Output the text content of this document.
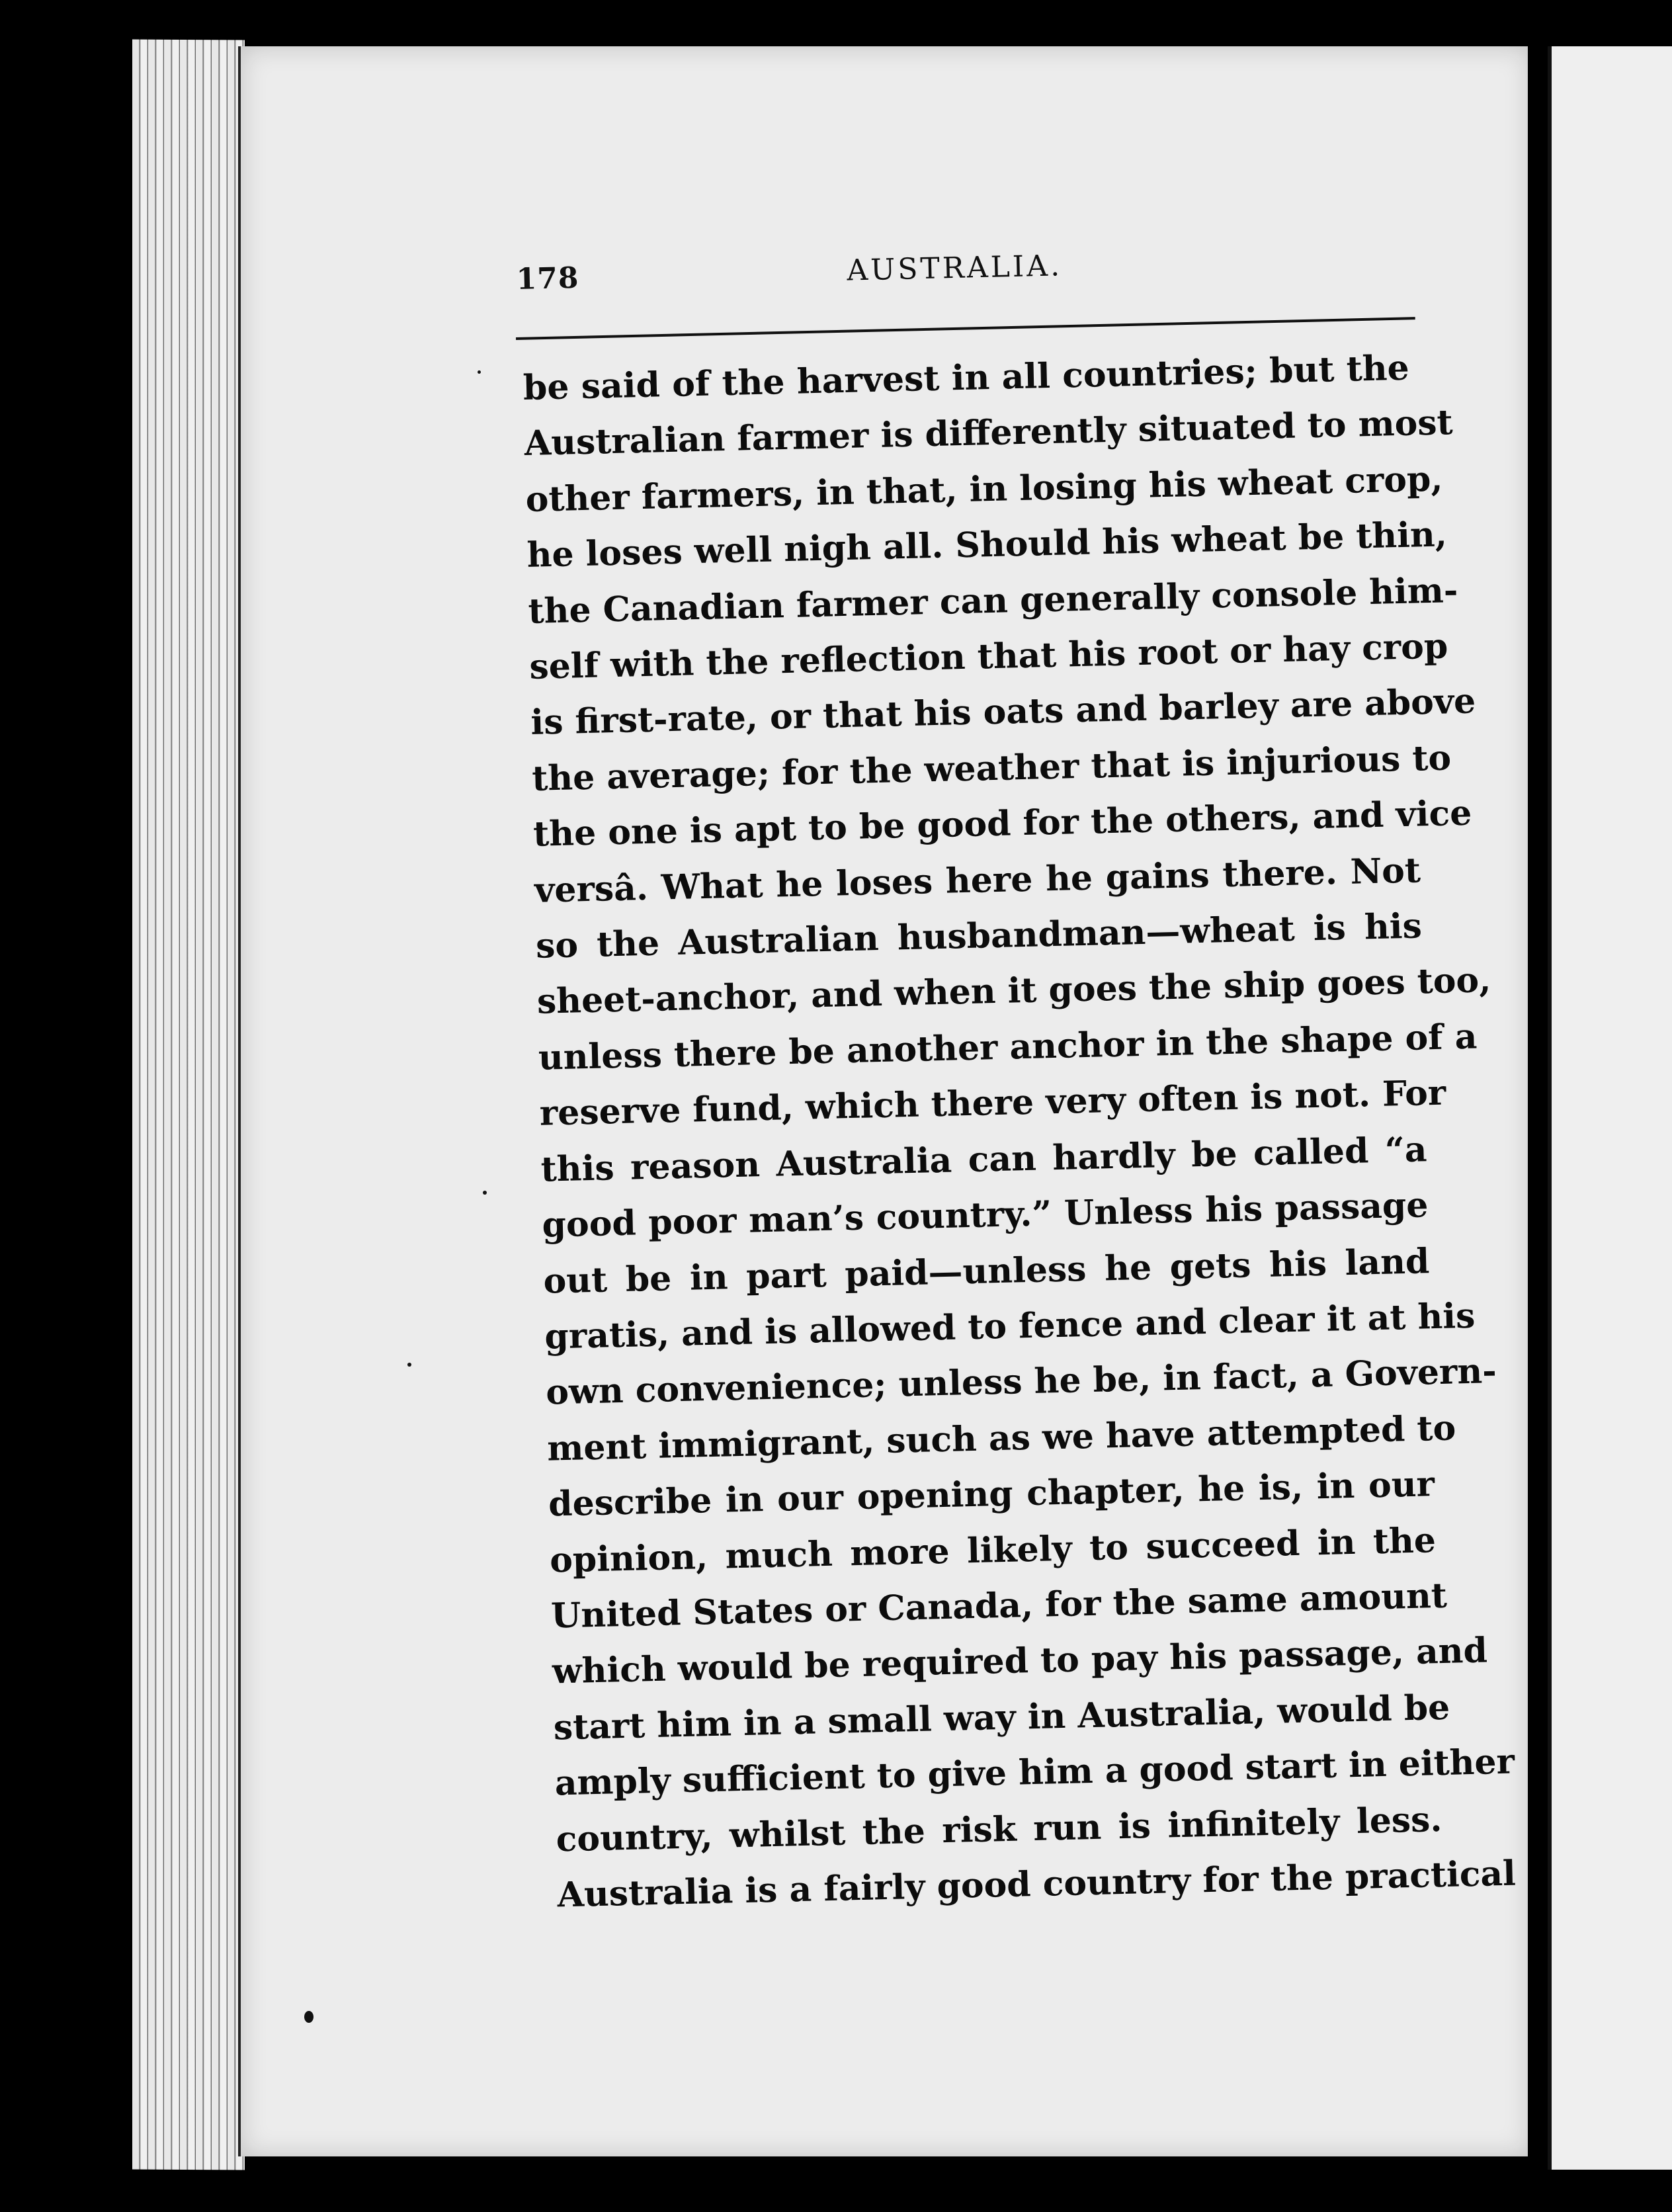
178	AUSTRALIA.
be said of the harvest in all countries; but the
Australian farmer is differently situated to most
other farmers, in that, in losing his wheat crop,
he loses well nigh all. Should his wheat be thin,
the Canadian farmer can generally console him-
self with the reflection that his root or hay crop
is first-rate, or that his oats and barley are above
the average; for the weather that is injurious to
the one is apt to be good for the others, and vice
versâ. What he loses here he gains there. Not
so the Australian husbandman—wheat is his
sheet-anchor, and when it goes the ship goes too,
unless there be another anchor in the shape of a
reserve fund, which there very often is not. For
this reason Australia can hardly be called “a
good poor man’s country.” Unless his passage
out be in part paid—unless he gets his land
gratis, and is allowed to fence and clear it at his
own convenience; unless he be, in fact, a Govern-
ment immigrant, such as we have attempted to
describe in our opening chapter, he is, in our
opinion, much more likely to succeed in the
United States or Canada, for the same amount
which would be required to pay his passage, and
start him in a small way in Australia, would be
amply sufficient to give him a good start in either
country, whilst the risk run is infinitely less.
Australia is a fairly good country for the practical
